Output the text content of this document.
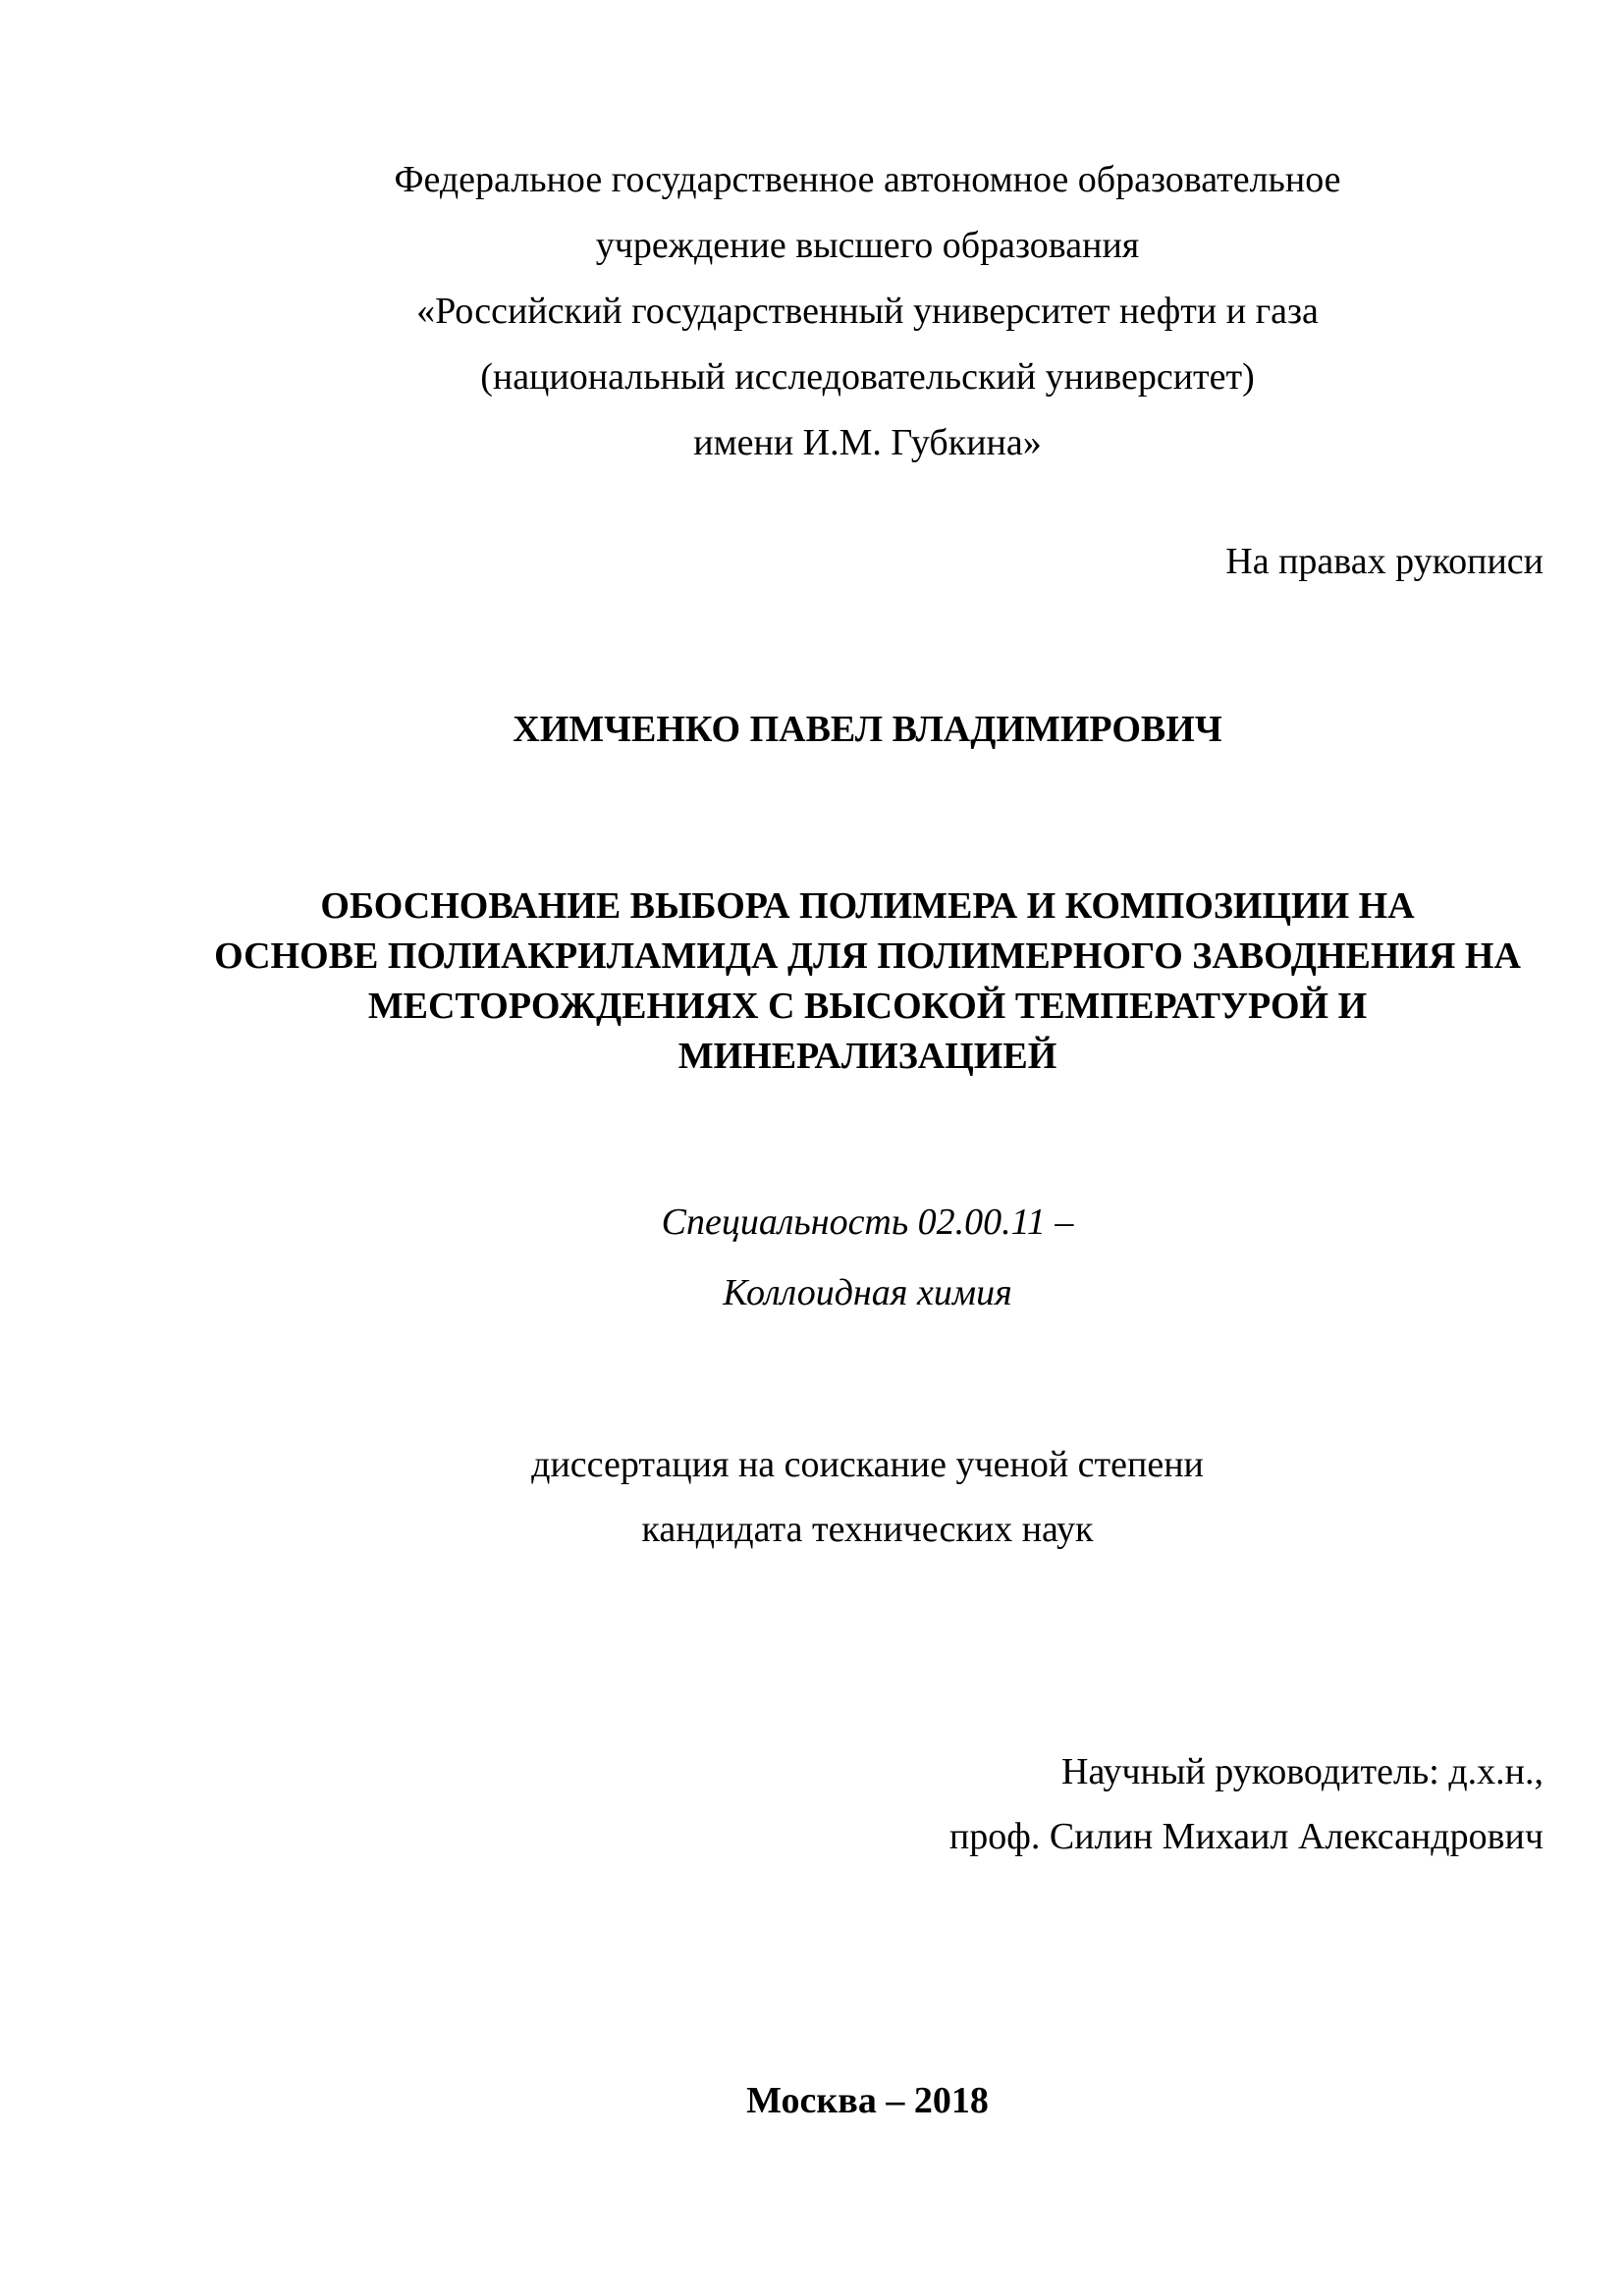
Федеральное государственное автономное образовательное
учреждение высшего образования
«Российский государственный университет нефти и газа
(национальный исследовательский университет)
имени И.М. Губкина»
На правах рукописи
ХИМЧЕНКО ПАВЕЛ ВЛАДИМИРОВИЧ
ОБОСНОВАНИЕ ВЫБОРА ПОЛИМЕРА И КОМПОЗИЦИИ НА
ОСНОВЕ ПОЛИАКРИЛАМИДА ДЛЯ ПОЛИМЕРНОГО ЗАВОДНЕНИЯ НА
МЕСТОРОЖДЕНИЯХ С ВЫСОКОЙ ТЕМПЕРАТУРОЙ И
МИНЕРАЛИЗАЦИЕЙ
Специальность 02.00.11 –
Коллоидная химия
диссертация на соискание ученой степени
кандидата технических наук
Научный руководитель: д.х.н.,
проф. Силин Михаил Александрович
Москва – 2018
